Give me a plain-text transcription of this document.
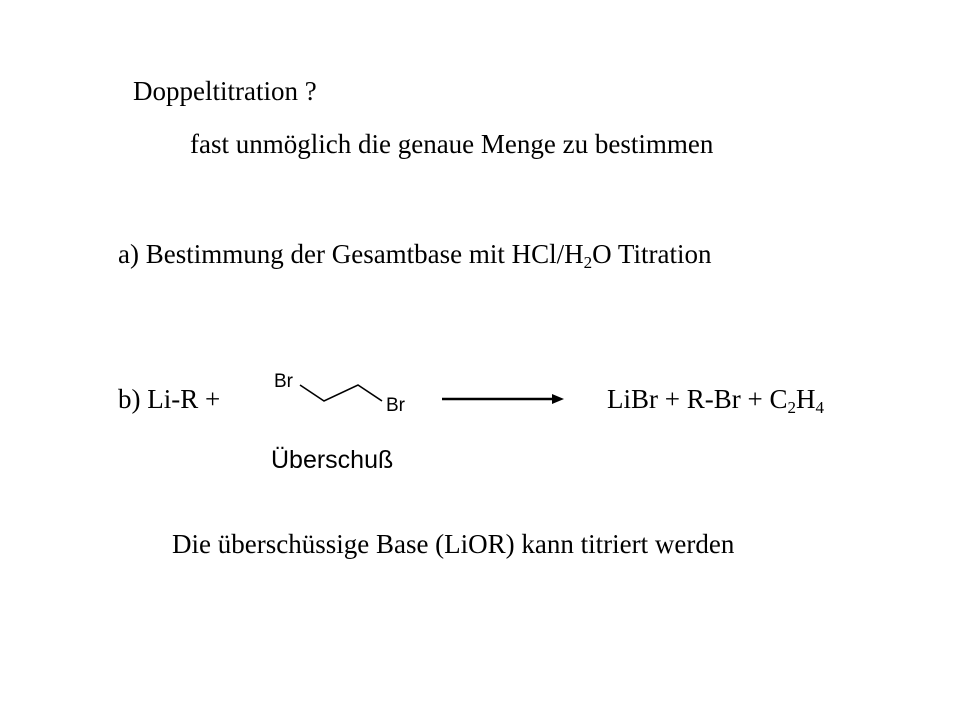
Doppeltitration ?
fast unmöglich die genaue Menge zu bestimmen
a) Bestimmung der Gesamtbase mit HCl/$H_2O$ Titration
b) Li-R +
Br
Br	LiBr + $R-Br + C_2H_4$
Überschuß
Die überschüssige Base (LiOR) kann titriert werden
